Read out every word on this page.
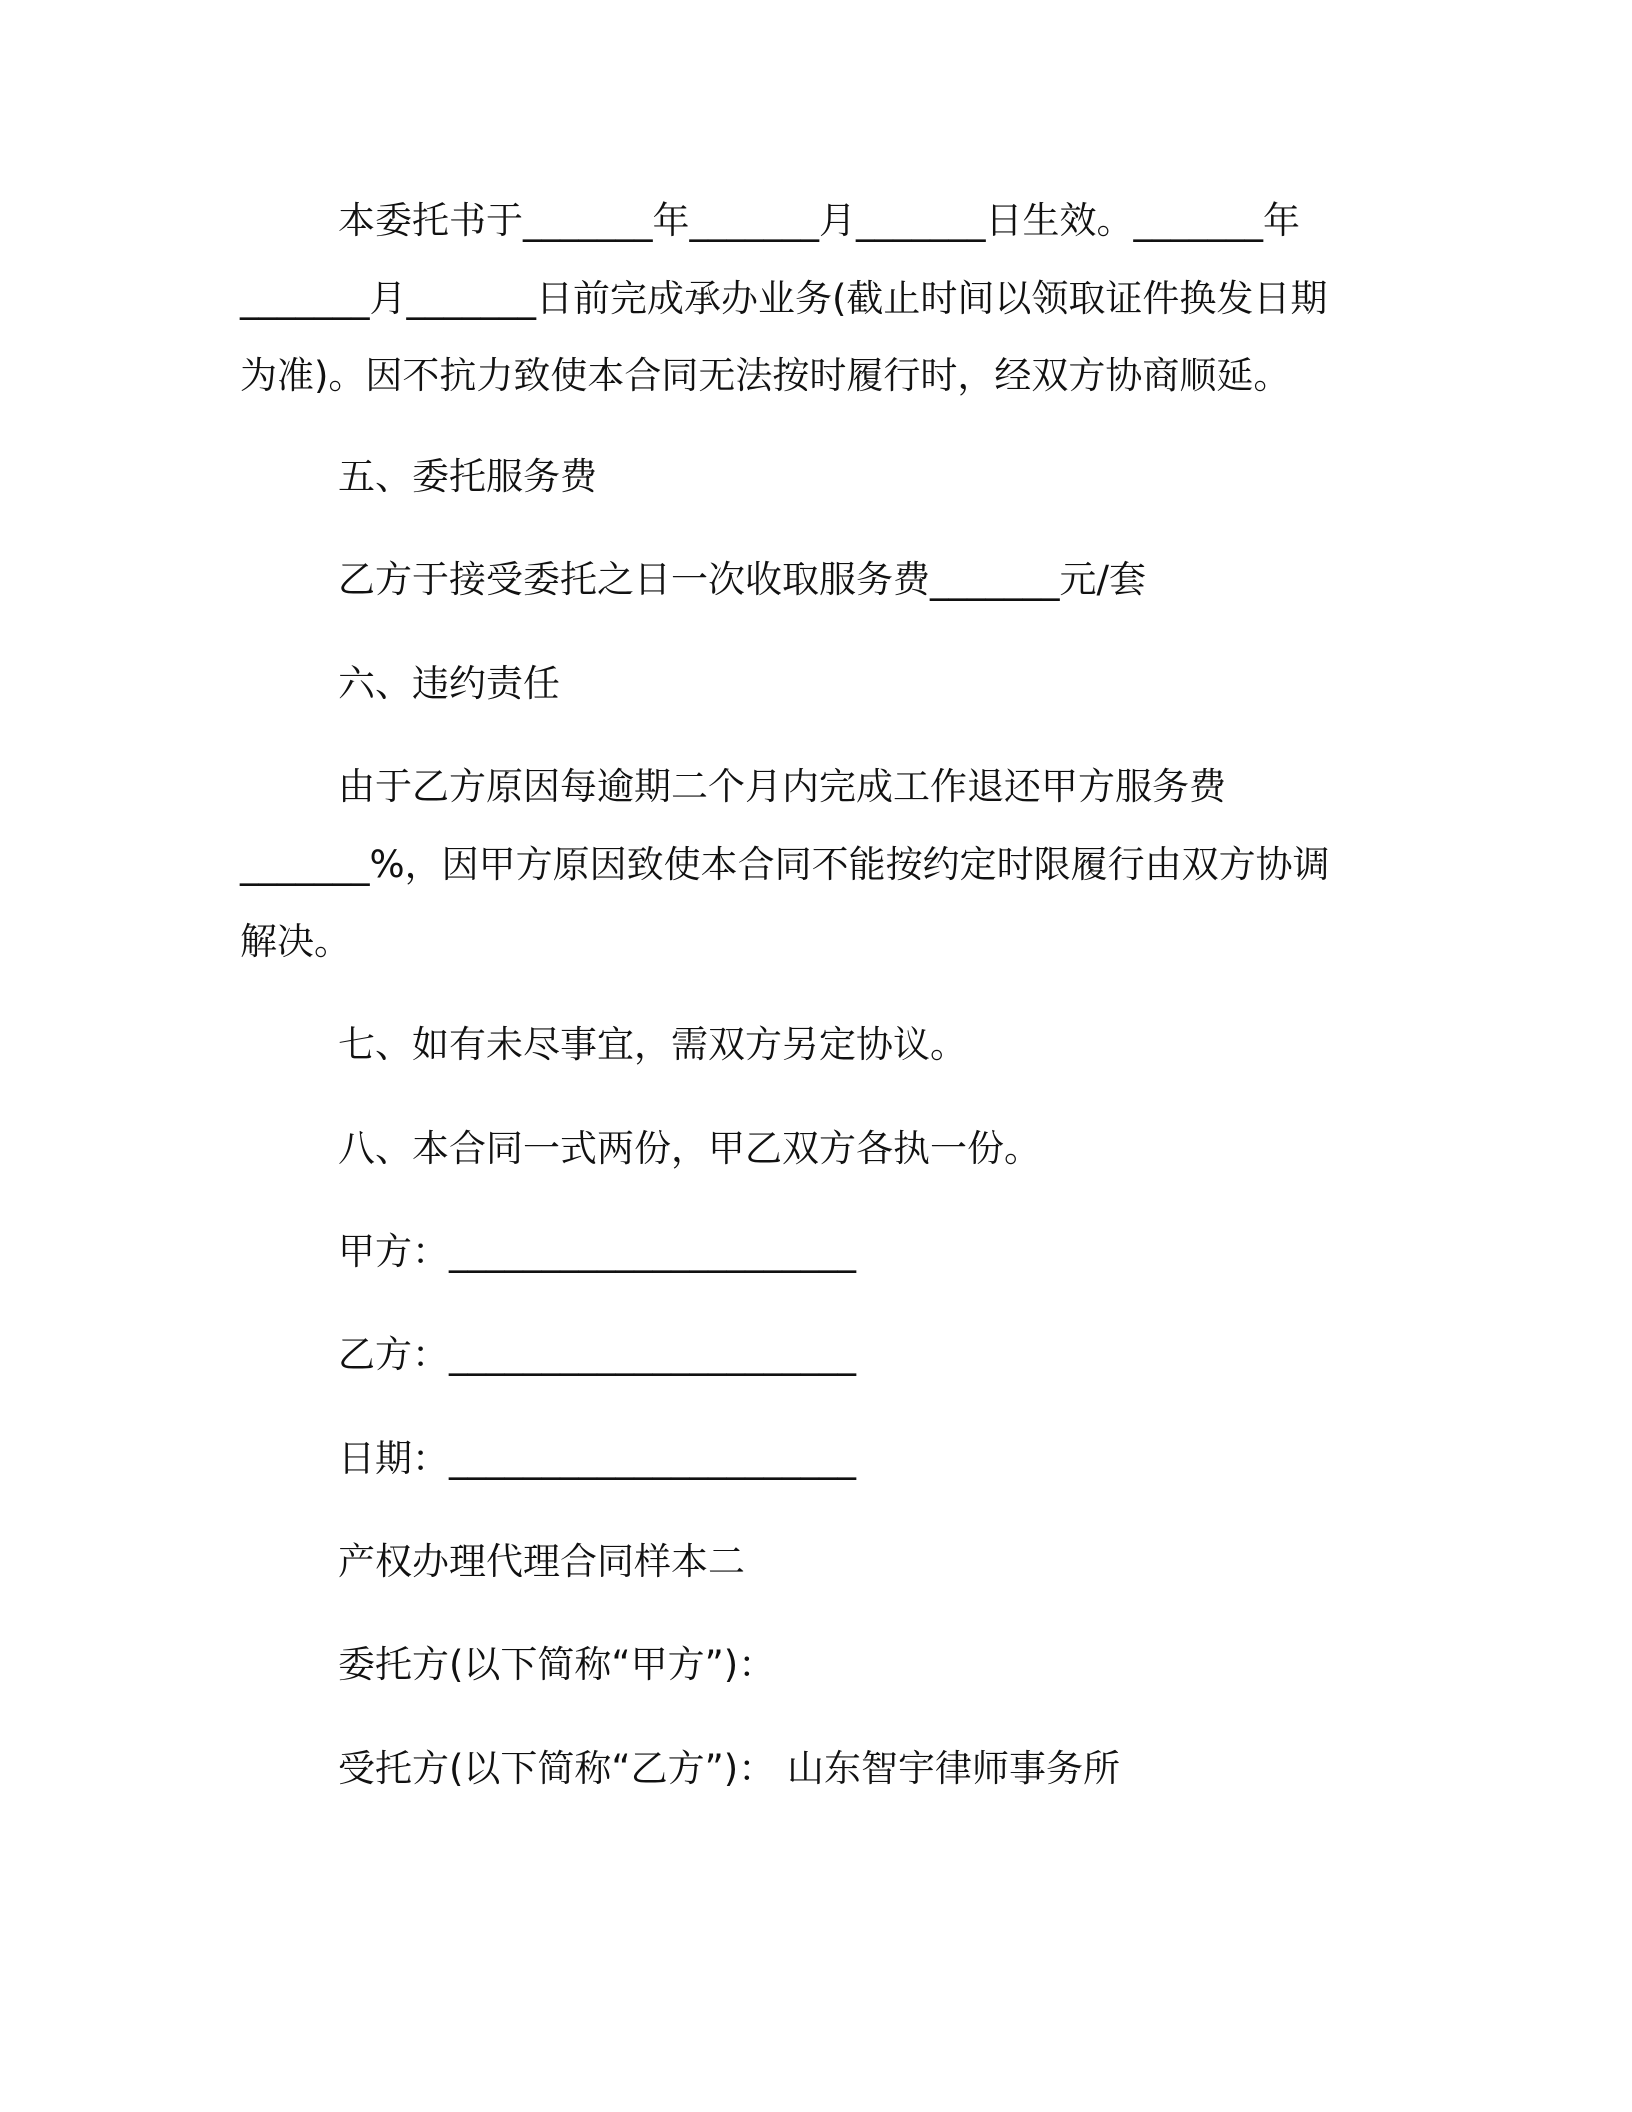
本委托书于_______年_______月_______日生效。_______年
_______月_______日前完成承办业务(截止时间以领取证件换发日期
为准)。因不抗力致使本合同无法按时履行时，经双方协商顺延。
五、委托服务费
乙方于接受委托之日一次收取服务费_______元/套
六、违约责任
由于乙方原因每逾期二个月内完成工作退还甲方服务费
_______%，因甲方原因致使本合同不能按约定时限履行由双方协调
解决。
七、如有未尽事宜，需双方另定协议。
八、本合同一式两份，甲乙双方各执一份。
甲方：______________________
乙方：______________________
日期：______________________
产权办理代理合同样本二
委托方(以下简称“甲方”)：
受托方(以下简称“乙方”)： 山东智宇律师事务所
